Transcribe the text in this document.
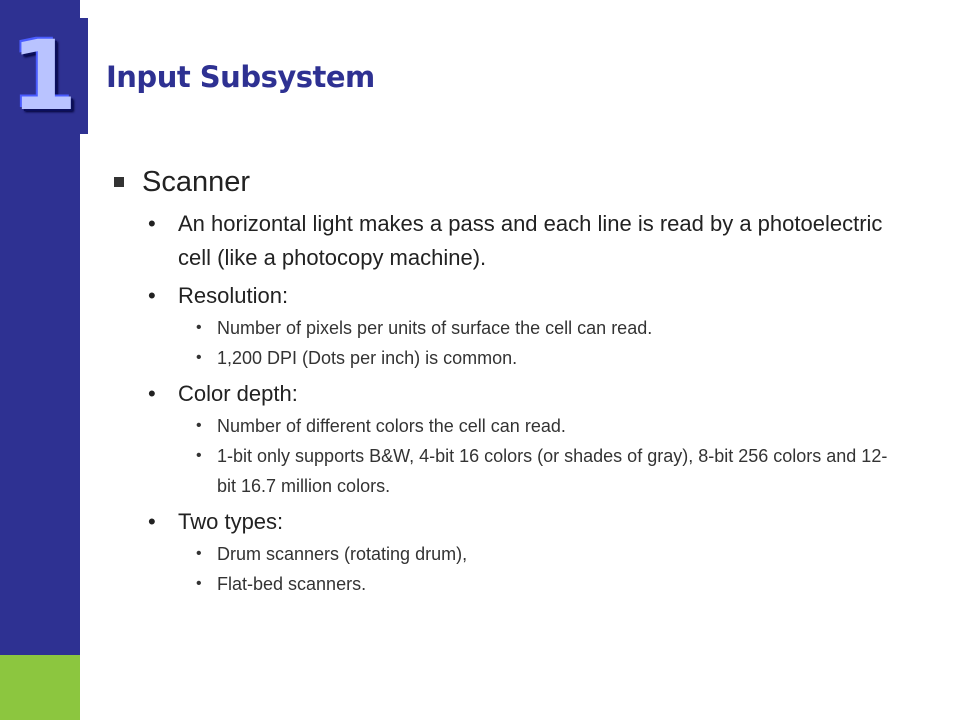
1 Input Subsystem
Scanner
• An horizontal light makes a pass and each line is read by a photoelectric cell (like a photocopy machine).
• Resolution:
• Number of pixels per units of surface the cell can read.
• 1,200 DPI (Dots per inch) is common.
• Color depth:
• Number of different colors the cell can read.
• 1-bit only supports B&W, 4-bit 16 colors (or shades of gray), 8-bit 256 colors and 12-bit 16.7 million colors.
• Two types:
• Drum scanners (rotating drum),
• Flat-bed scanners.
